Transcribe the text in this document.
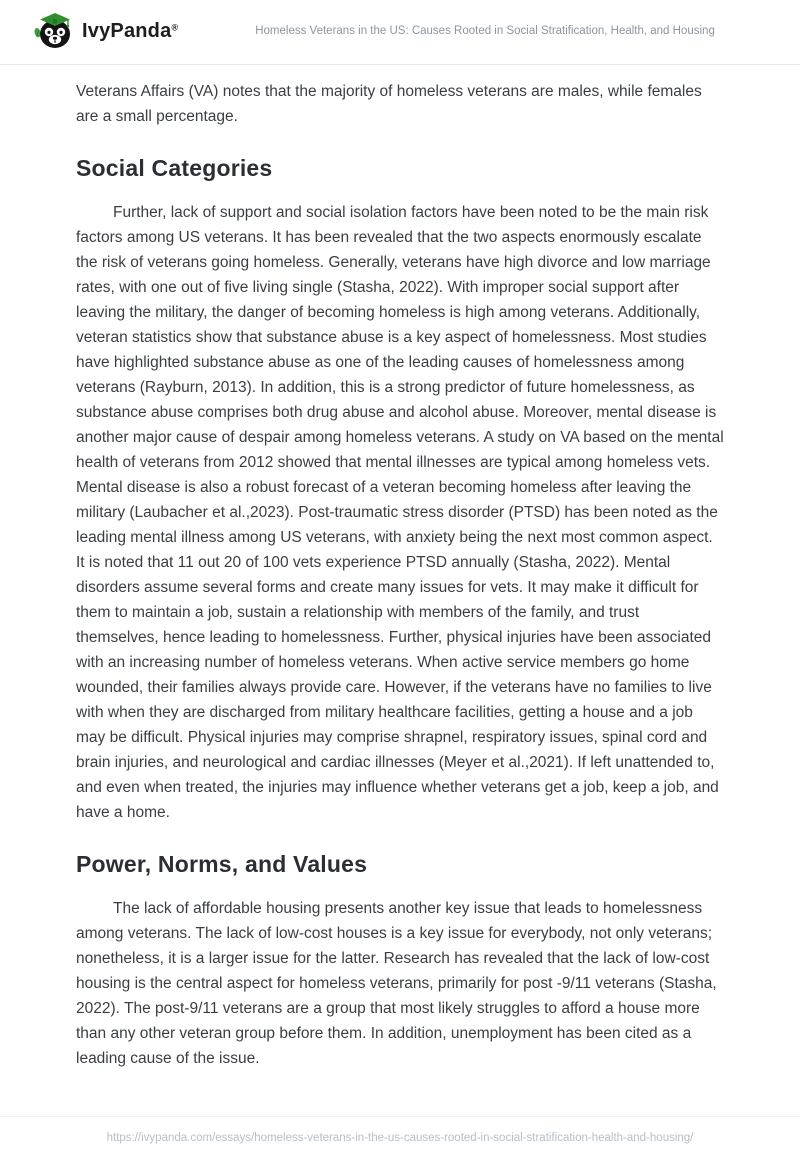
IvyPanda®	Homeless Veterans in the US: Causes Rooted in Social Stratification, Health, and Housing

Veterans Affairs (VA) notes that the majority of homeless veterans are males, while females are a small percentage.

Social Categories

Further, lack of support and social isolation factors have been noted to be the main risk factors among US veterans. It has been revealed that the two aspects enormously escalate the risk of veterans going homeless. Generally, veterans have high divorce and low marriage rates, with one out of five living single (Stasha, 2022). With improper social support after leaving the military, the danger of becoming homeless is high among veterans. Additionally, veteran statistics show that substance abuse is a key aspect of homelessness. Most studies have highlighted substance abuse as one of the leading causes of homelessness among veterans (Rayburn, 2013). In addition, this is a strong predictor of future homelessness, as substance abuse comprises both drug abuse and alcohol abuse. Moreover, mental disease is another major cause of despair among homeless veterans. A study on VA based on the mental health of veterans from 2012 showed that mental illnesses are typical among homeless vets. Mental disease is also a robust forecast of a veteran becoming homeless after leaving the military (Laubacher et al.,2023). Post-traumatic stress disorder (PTSD) has been noted as the leading mental illness among US veterans, with anxiety being the next most common aspect. It is noted that 11 out 20 of 100 vets experience PTSD annually (Stasha, 2022). Mental disorders assume several forms and create many issues for vets. It may make it difficult for them to maintain a job, sustain a relationship with members of the family, and trust themselves, hence leading to homelessness. Further, physical injuries have been associated with an increasing number of homeless veterans. When active service members go home wounded, their families always provide care. However, if the veterans have no families to live with when they are discharged from military healthcare facilities, getting a house and a job may be difficult. Physical injuries may comprise shrapnel, respiratory issues, spinal cord and brain injuries, and neurological and cardiac illnesses (Meyer et al.,2021). If left unattended to, and even when treated, the injuries may influence whether veterans get a job, keep a job, and have a home.

Power, Norms, and Values

The lack of affordable housing presents another key issue that leads to homelessness among veterans. The lack of low-cost houses is a key issue for everybody, not only veterans; nonetheless, it is a larger issue for the latter. Research has revealed that the lack of low-cost housing is the central aspect for homeless veterans, primarily for post -9/11 veterans (Stasha, 2022). The post-9/11 veterans are a group that most likely struggles to afford a house more than any other veteran group before them. In addition, unemployment has been cited as a leading cause of the issue.

https://ivypanda.com/essays/homeless-veterans-in-the-us-causes-rooted-in-social-stratification-health-and-housing/
